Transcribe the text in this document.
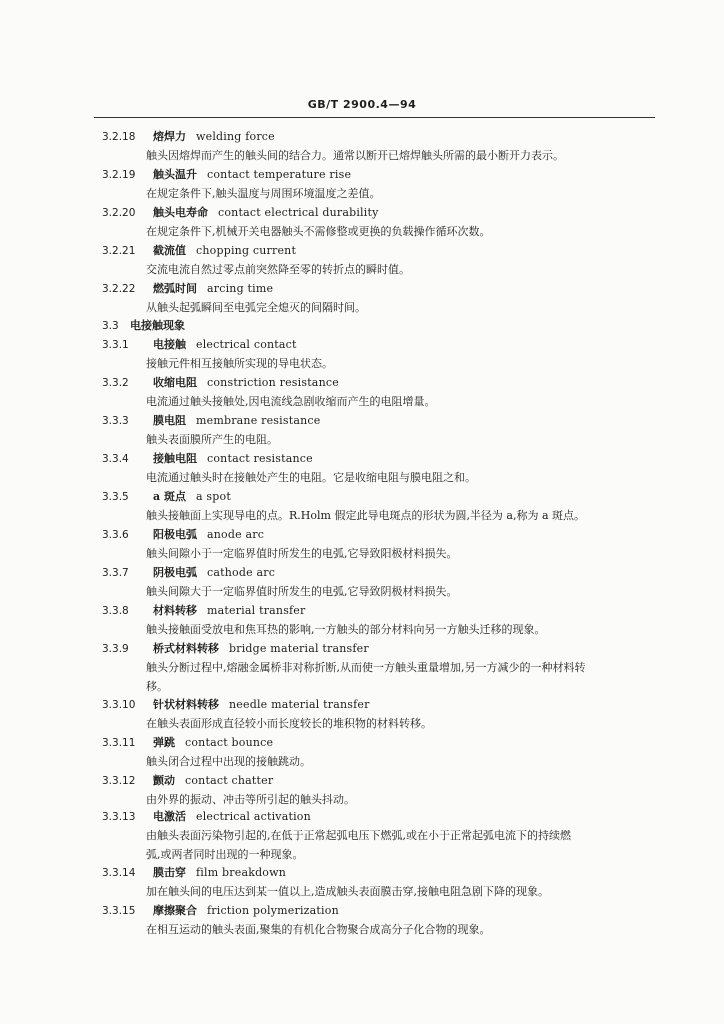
GB/T 2900.4—94
3.2.18 熔焊力 welding force
触头因熔焊而产生的触头间的结合力。通常以断开已熔焊触头所需的最小断开力表示。
3.2.19 触头温升 contact temperature rise
在规定条件下,触头温度与周围环境温度之差值。
3.2.20 触头电寿命 contact electrical durability
在规定条件下,机械开关电器触头不需修整或更换的负载操作循环次数。
3.2.21 截流值 chopping current
交流电流自然过零点前突然降至零的转折点的瞬时值。
3.2.22 燃弧时间 arcing time
从触头起弧瞬间至电弧完全熄灭的间隔时间。
3.3 电接触现象
3.3.1 电接触 electrical contact
接触元件相互接触所实现的导电状态。
3.3.2 收缩电阻 constriction resistance
电流通过触头接触处,因电流线急剧收缩而产生的电阻增量。
3.3.3 膜电阻 membrane resistance
触头表面膜所产生的电阻。
3.3.4 接触电阻 contact resistance
电流通过触头时在接触处产生的电阻。它是收缩电阻与膜电阻之和。
3.3.5 a 斑点 a spot
触头接触面上实现导电的点。R.Holm 假定此导电斑点的形状为圆,半径为 a,称为 a 斑点。
3.3.6 阳极电弧 anode arc
触头间隙小于一定临界值时所发生的电弧,它导致阳极材料损失。
3.3.7 阴极电弧 cathode arc
触头间隙大于一定临界值时所发生的电弧,它导致阴极材料损失。
3.3.8 材料转移 material transfer
触头接触面受放电和焦耳热的影响,一方触头的部分材料向另一方触头迁移的现象。
3.3.9 桥式材料转移 bridge material transfer
触头分断过程中,熔融金属桥非对称折断,从而使一方触头重量增加,另一方减少的一种材料转
移。
3.3.10 针状材料转移 needle material transfer
在触头表面形成直径较小而长度较长的堆积物的材料转移。
3.3.11 弹跳 contact bounce
触头闭合过程中出现的接触跳动。
3.3.12 颤动 contact chatter
由外界的振动、冲击等所引起的触头抖动。
3.3.13 电激活 electrical activation
由触头表面污染物引起的,在低于正常起弧电压下燃弧,或在小于正常起弧电流下的持续燃
弧,或两者同时出现的一种现象。
3.3.14 膜击穿 film breakdown
加在触头间的电压达到某一值以上,造成触头表面膜击穿,接触电阻急剧下降的现象。
3.3.15 摩擦聚合 friction polymerization
在相互运动的触头表面,聚集的有机化合物聚合成高分子化合物的现象。
